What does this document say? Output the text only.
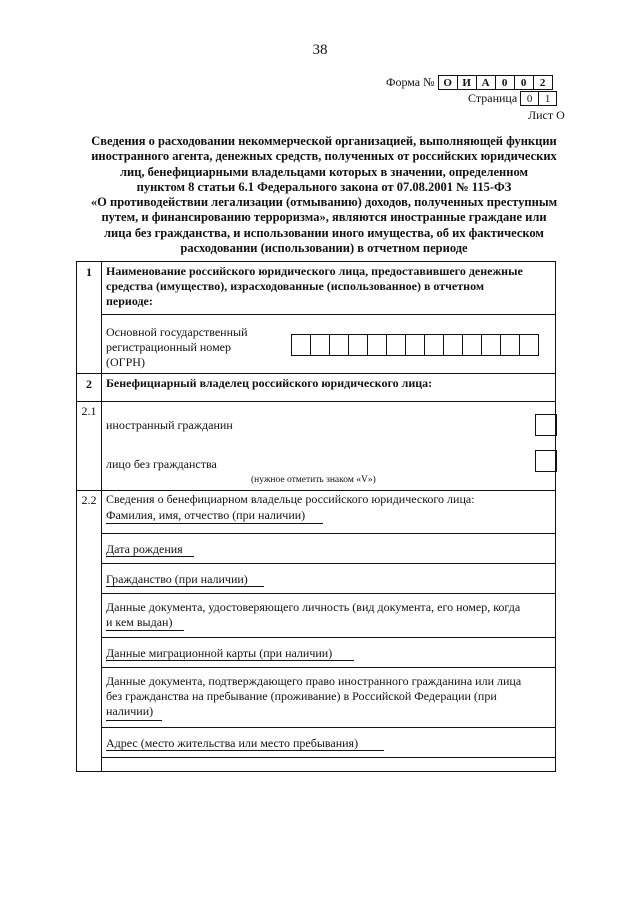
38
Форма № О И А	0	0	2
Страница 0	1
Лист О
Сведения о расходовании некоммерческой организацией, выполняющей функции
иностранного агента, денежных средств, полученных от российских юридических
лиц, бенефициарными владельцами которых в значении, определенном
пунктом 8 статьи 6.1 Федерального закона от 07.08.2001 № 115-ФЗ
«О противодействии легализации (отмыванию) доходов, полученных преступным
путем, и финансированию терроризма», являются иностранные граждане или
лица без гражданства, и использовании иного имущества, об их фактическом
расходовании (использовании) в отчетном периоде
1	Наименование российского юридического лица, предоставившего денежные
средства (имущество), израсходованные (использованное) в отчетном
периоде:
Основной государственный
регистрационный номер
(ОГРН)
2	Бенефициарный владелец российского юридического лица:
2.1
иностранный гражданин
лицо без гражданства
(нужное отметить знаком «V»)
2.2 Сведения о бенефициарном владельце российского юридического лица:
Фамилия, имя, отчество (при наличии)
Дата рождения
Гражданство (при наличии)
Данные документа, удостоверяющего личность (вид документа, его номер, когда
и кем выдан)
Данные миграционной карты (при наличии)
Данные документа, подтверждающего право иностранного гражданина или лица
без гражданства на пребывание (проживание) в Российской Федерации (при
наличии)
Адрес (место жительства или место пребывания)
